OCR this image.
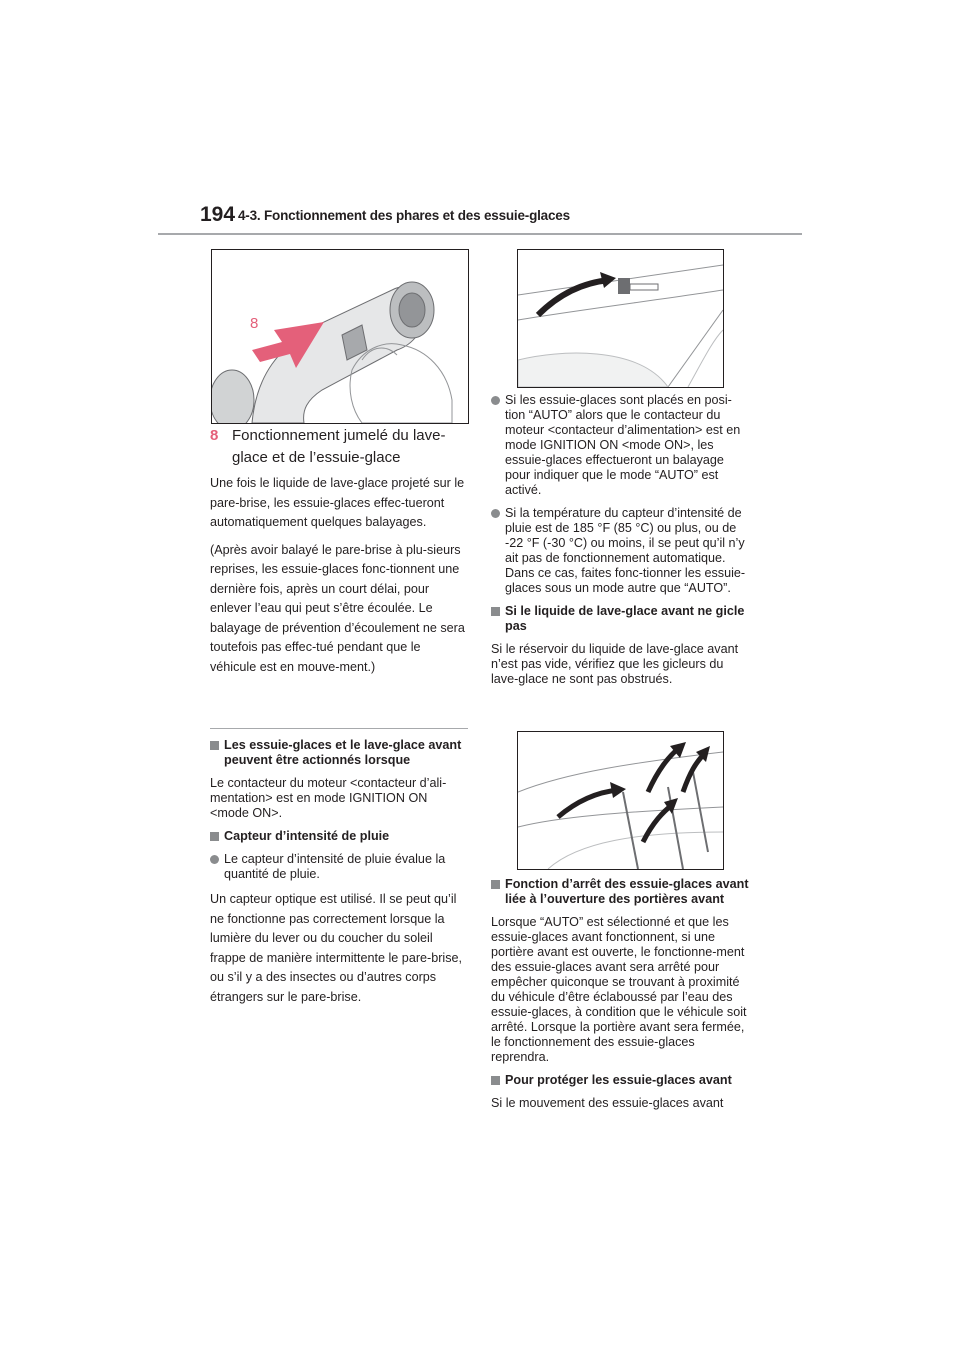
194 4-3. Fonctionnement des phares et des essuie-glaces
8
8 Fonctionnement jumelé du lave-
glace et de l’essuie-glace

Une fois le liquide de lave-glace projeté sur le pare-brise, les essuie-glaces effec-tueront automatiquement quelques balayages.

(Après avoir balayé le pare-brise à plu-sieurs reprises, les essuie-glaces fonc-tionnent une dernière fois, après un court délai, pour enlever l’eau qui peut s’être écoulée. Le balayage de prévention d’écoulement ne sera toutefois pas effec-tué pendant que le véhicule est en mouve-ment.)

Les essuie-glaces et le lave-glace avant peuvent être actionnés lorsque

Le contacteur du moteur <contacteur d’ali-mentation> est en mode IGNITION ON <mode ON>.

Capteur d’intensité de pluie

Le capteur d’intensité de pluie évalue la quantité de pluie.

Un capteur optique est utilisé. Il se peut qu’il ne fonctionne pas correctement lorsque la lumière du lever ou du coucher du soleil frappe de manière intermittente le pare-brise, ou s’il y a des insectes ou d’autres corps étrangers sur le pare-brise.

Si les essuie-glaces sont placés en posi-tion “AUTO” alors que le contacteur du moteur <contacteur d’alimentation> est en mode IGNITION ON <mode ON>, les essuie-glaces effectueront un balayage pour indiquer que le mode “AUTO” est activé.

Si la température du capteur d’intensité de pluie est de 185 °F (85 °C) ou plus, ou de -22 °F (-30 °C) ou moins, il se peut qu’il n’y ait pas de fonctionnement automatique. Dans ce cas, faites fonc-tionner les essuie-glaces sous un mode autre que “AUTO”.

Si le liquide de lave-glace avant ne gicle pas

Si le réservoir du liquide de lave-glace avant n’est pas vide, vérifiez que les gicleurs du lave-glace ne sont pas obstrués.

Fonction d’arrêt des essuie-glaces avant liée à l’ouverture des portières avant

Lorsque “AUTO” est sélectionné et que les essuie-glaces avant fonctionnent, si une portière avant est ouverte, le fonctionne-ment des essuie-glaces avant sera arrêté pour empêcher quiconque se trouvant à proximité du véhicule d’être éclaboussé par l’eau des essuie-glaces, à condition que le véhicule soit arrêté. Lorsque la portière avant sera fermée, le fonctionnement des essuie-glaces reprendra.

Pour protéger les essuie-glaces avant

Si le mouvement des essuie-glaces avant
